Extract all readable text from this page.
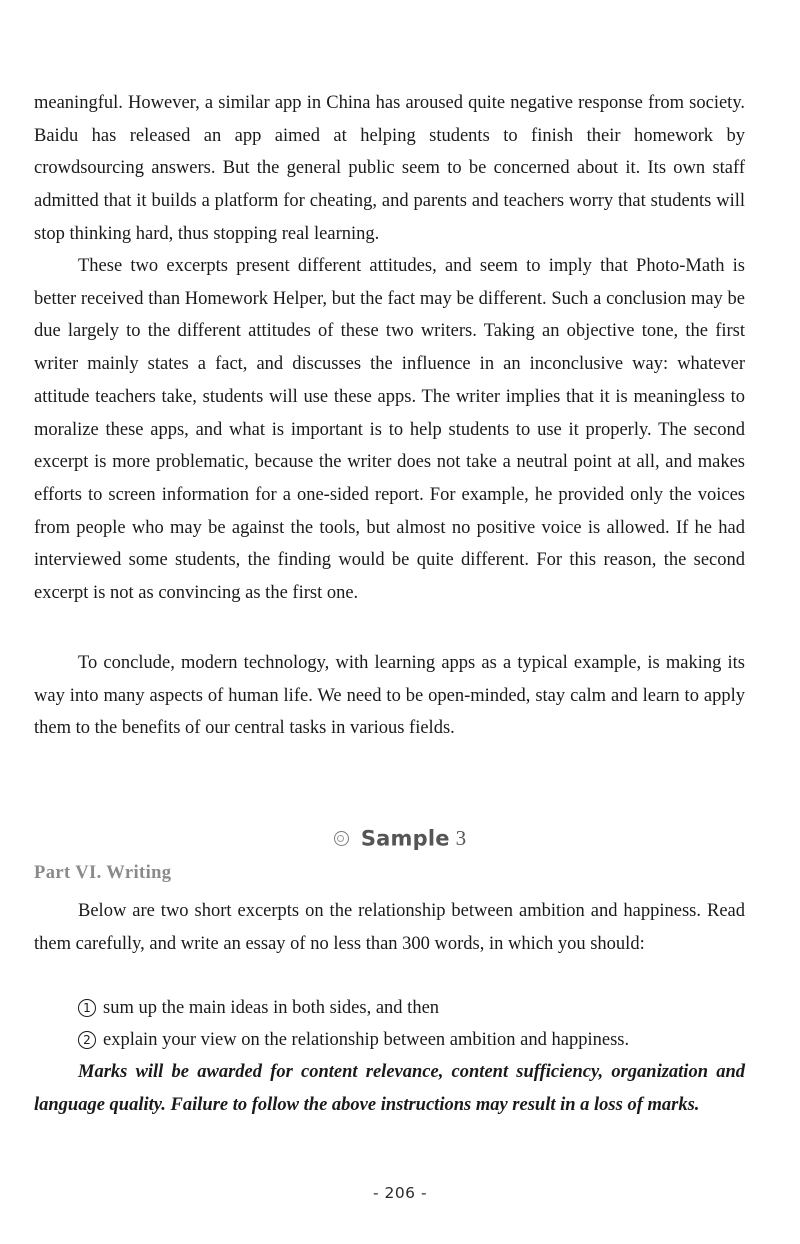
meaningful. However, a similar app in China has aroused quite negative response from society. Baidu has released an app aimed at helping students to finish their homework by crowdsourcing answers. But the general public seem to be concerned about it. Its own staff admitted that it builds a platform for cheating, and parents and teachers worry that students will stop thinking hard, thus stopping real learning.

These two excerpts present different attitudes, and seem to imply that Photo-Math is better received than Homework Helper, but the fact may be different. Such a conclusion may be due largely to the different attitudes of these two writers. Taking an objective tone, the first writer mainly states a fact, and discusses the influence in an inconclusive way: whatever attitude teachers take, students will use these apps. The writer implies that it is meaningless to moralize these apps, and what is important is to help students to use it properly. The second excerpt is more problematic, because the writer does not take a neutral point at all, and makes efforts to screen information for a one-sided report. For example, he provided only the voices from people who may be against the tools, but almost no positive voice is allowed. If he had interviewed some students, the finding would be quite different. For this reason, the second excerpt is not as convincing as the first one.

To conclude, modern technology, with learning apps as a typical example, is making its way into many aspects of human life. We need to be open-minded, stay calm and learn to apply them to the benefits of our central tasks in various fields.

Sample 3

Part VI. Writing

Below are two short excerpts on the relationship between ambition and happiness. Read them carefully, and write an essay of no less than 300 words, in which you should:

1 sum up the main ideas in both sides, and then

2 explain your view on the relationship between ambition and happiness.

Marks will be awarded for content relevance, content sufficiency, organization and language quality. Failure to follow the above instructions may result in a loss of marks.

- 206 -
